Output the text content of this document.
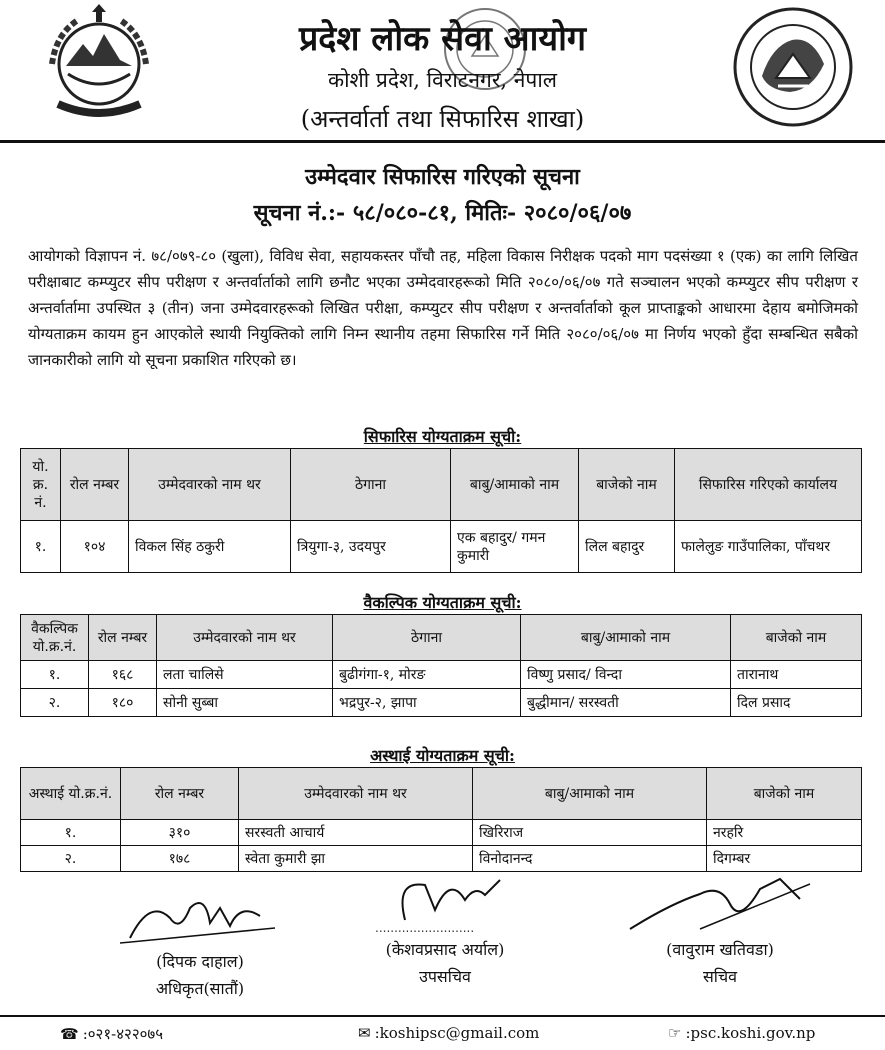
प्रदेश लोक सेवा आयोग
कोशी प्रदेश, विराटनगर, नेपाल
(अन्तर्वार्ता तथा सिफारिस शाखा)
उम्मेदवार सिफारिस गरिएको सूचना
सूचना नं.:- ५८/०८०-८१, मितिः- २०८०/०६/०७
आयोगको विज्ञापन नं. ७८/०७९-८० (खुला), विविध सेवा, सहायकस्तर पाँचौ तह, महिला विकास निरीक्षक पदको माग पदसंख्या १ (एक) का लागि लिखित परीक्षाबाट कम्प्युटर सीप परीक्षण र अन्तर्वार्ताको लागि छनौट भएका उम्मेदवारहरूको मिति २०८०/०६/०७ गते सञ्चालन भएको कम्प्युटर सीप परीक्षण र अन्तर्वार्तामा उपस्थित ३ (तीन) जना उम्मेदवारहरूको लिखित परीक्षा, कम्प्युटर सीप परीक्षण र अन्तर्वार्ताको कूल प्राप्ताङ्कको आधारमा देहाय बमोजिमको योग्यताक्रम कायम हुन आएकोले स्थायी नियुक्तिको लागि निम्न स्थानीय तहमा सिफारिस गर्ने मिति २०८०/०६/०७ मा निर्णय भएको हुँदा सम्बन्धित सबैको जानकारीको लागि यो सूचना प्रकाशित गरिएको छ।
सिफारिस योग्यताक्रम सूची:
यो. क्र. नं.	रोल नम्बर	उम्मेदवारको नाम थर	ठेगाना	बाबु/आमाको नाम	बाजेको नाम	सिफारिस गरिएको कार्यालय
१.	१०४	विकल सिंह ठकुरी	त्रियुगा-३, उदयपुर	एक बहादुर/ गमन कुमारी	लिल बहादुर	फालेलुङ गाउँपालिका, पाँचथर
वैकल्पिक योग्यताक्रम सूची:
वैकल्पिक यो.क्र.नं.	रोल नम्बर	उम्मेदवारको नाम थर	ठेगाना	बाबु/आमाको नाम	बाजेको नाम
१.	१६८	लता चालिसे	बुढीगंगा-१, मोरङ	विष्णु प्रसाद/ विन्दा	तारानाथ
२.	१८०	सोनी सुब्बा	भद्रपुर-२, झापा	बुद्धीमान/ सरस्वती	दिल प्रसाद
अस्थाई योग्यताक्रम सूची:
अस्थाई यो.क्र.नं.	रोल नम्बर	उम्मेदवारको नाम थर	बाबु/आमाको नाम	बाजेको नाम
१.	३१०	सरस्वती आचार्य	खिरिराज	नरहरि
२.	१७८	स्वेता कुमारी झा	विनोदानन्द	दिगम्बर
(दिपक दाहाल)
अधिकृत(सातौं)
..........................
(केशवप्रसाद अर्याल)
उपसचिव
(वावुराम खतिवडा)
सचिव
☎ :०२१-४२२०७५	✉ :koshipsc@gmail.com	☞ :psc.koshi.gov.np
